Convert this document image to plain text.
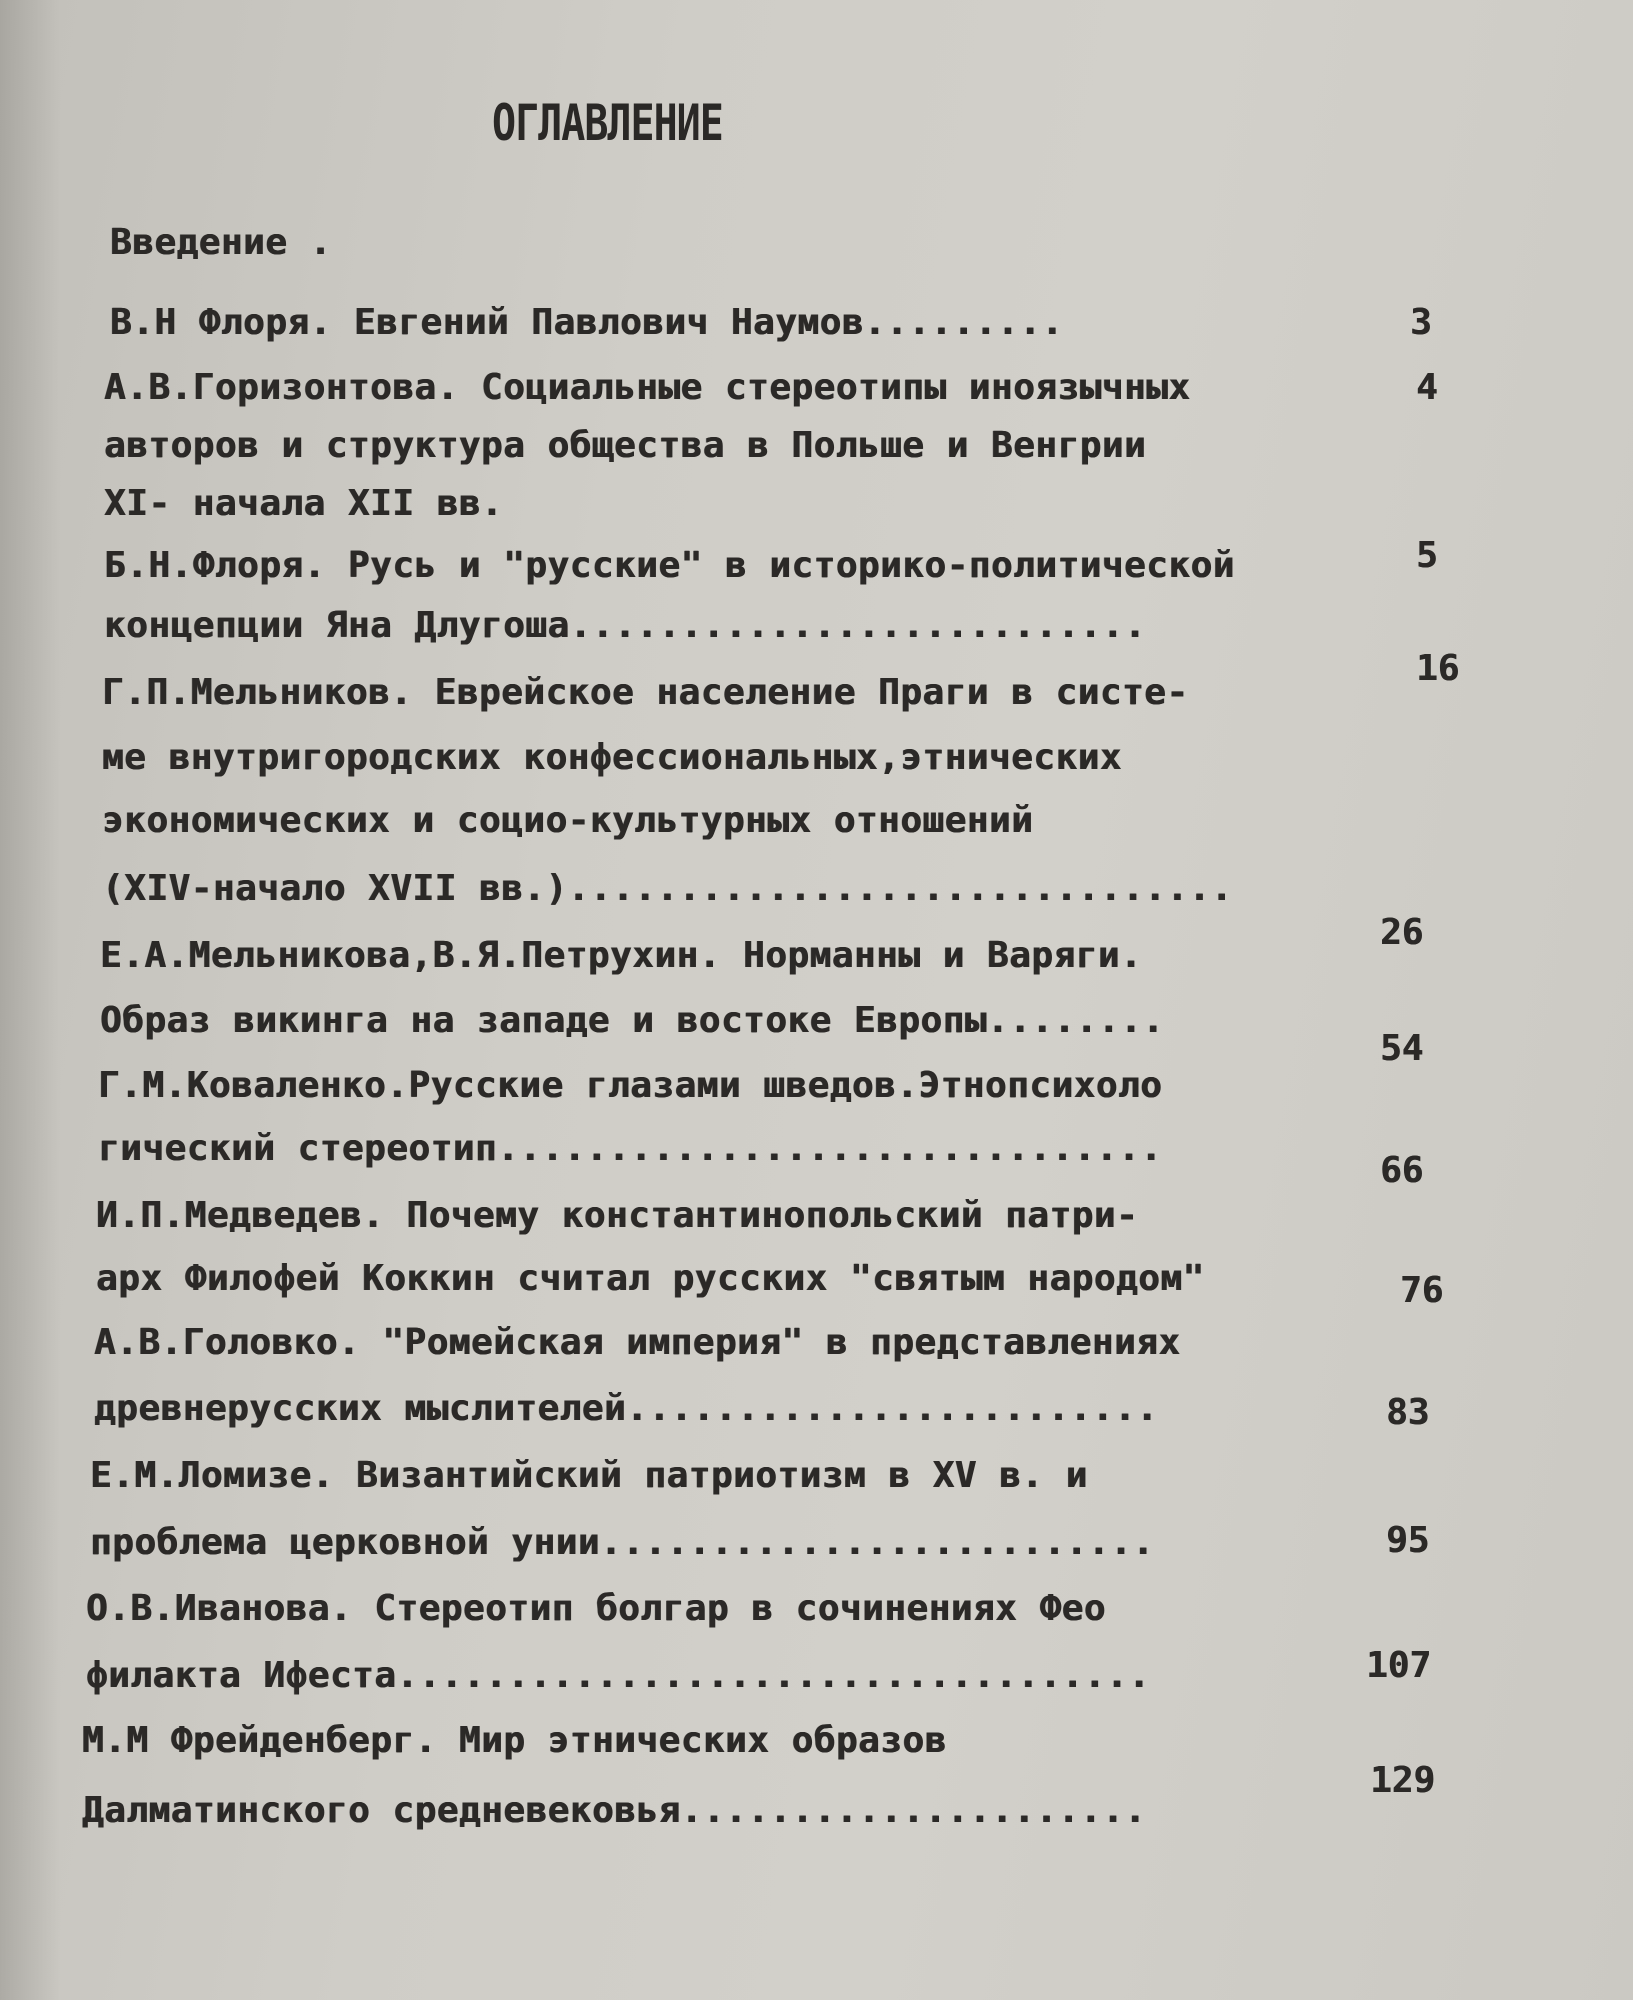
ОГЛАВЛЕНИЕ
Введение .
В.Н Флоря. Евгений Павлович Наумов.........	3
А.В.Горизонтова. Социальные стереотипы иноязычных
авторов и структура общества в Польше и Венгрии
XI- начала XII вв.
4
Б.Н.Флоря. Русь и "русские" в историко-политической
концепции Яна Длугоша..........................
5
Г.П.Мельников. Еврейское население Праги в систе-
ме внутригородских конфессиональных,этнических
экономических и социо-культурных отношений
(XIV-начало XVII вв.)..............................
16
Е.А.Мельникова,В.Я.Петрухин. Норманны и Варяги.
Образ викинга на западе и востоке Европы........
26
Г.М.Коваленко.Русские глазами шведов.Этнопсихоло
гический стереотип..............................
54
И.П.Медведев. Почему константинопольский патри-
арх Филофей Коккин считал русских "святым народом"
66
А.В.Головко. "Ромейская империя" в представлениях
древнерусских мыслителей........................
76
Е.М.Ломизе. Византийский патриотизм в XV в. и
проблема церковной унии.........................
83
О.В.Иванова. Стереотип болгар в сочинениях Фео
филакта Ифеста..................................
95
М.М Фрейденберг. Мир этнических образов
Далматинского средневековья.....................
107
129
